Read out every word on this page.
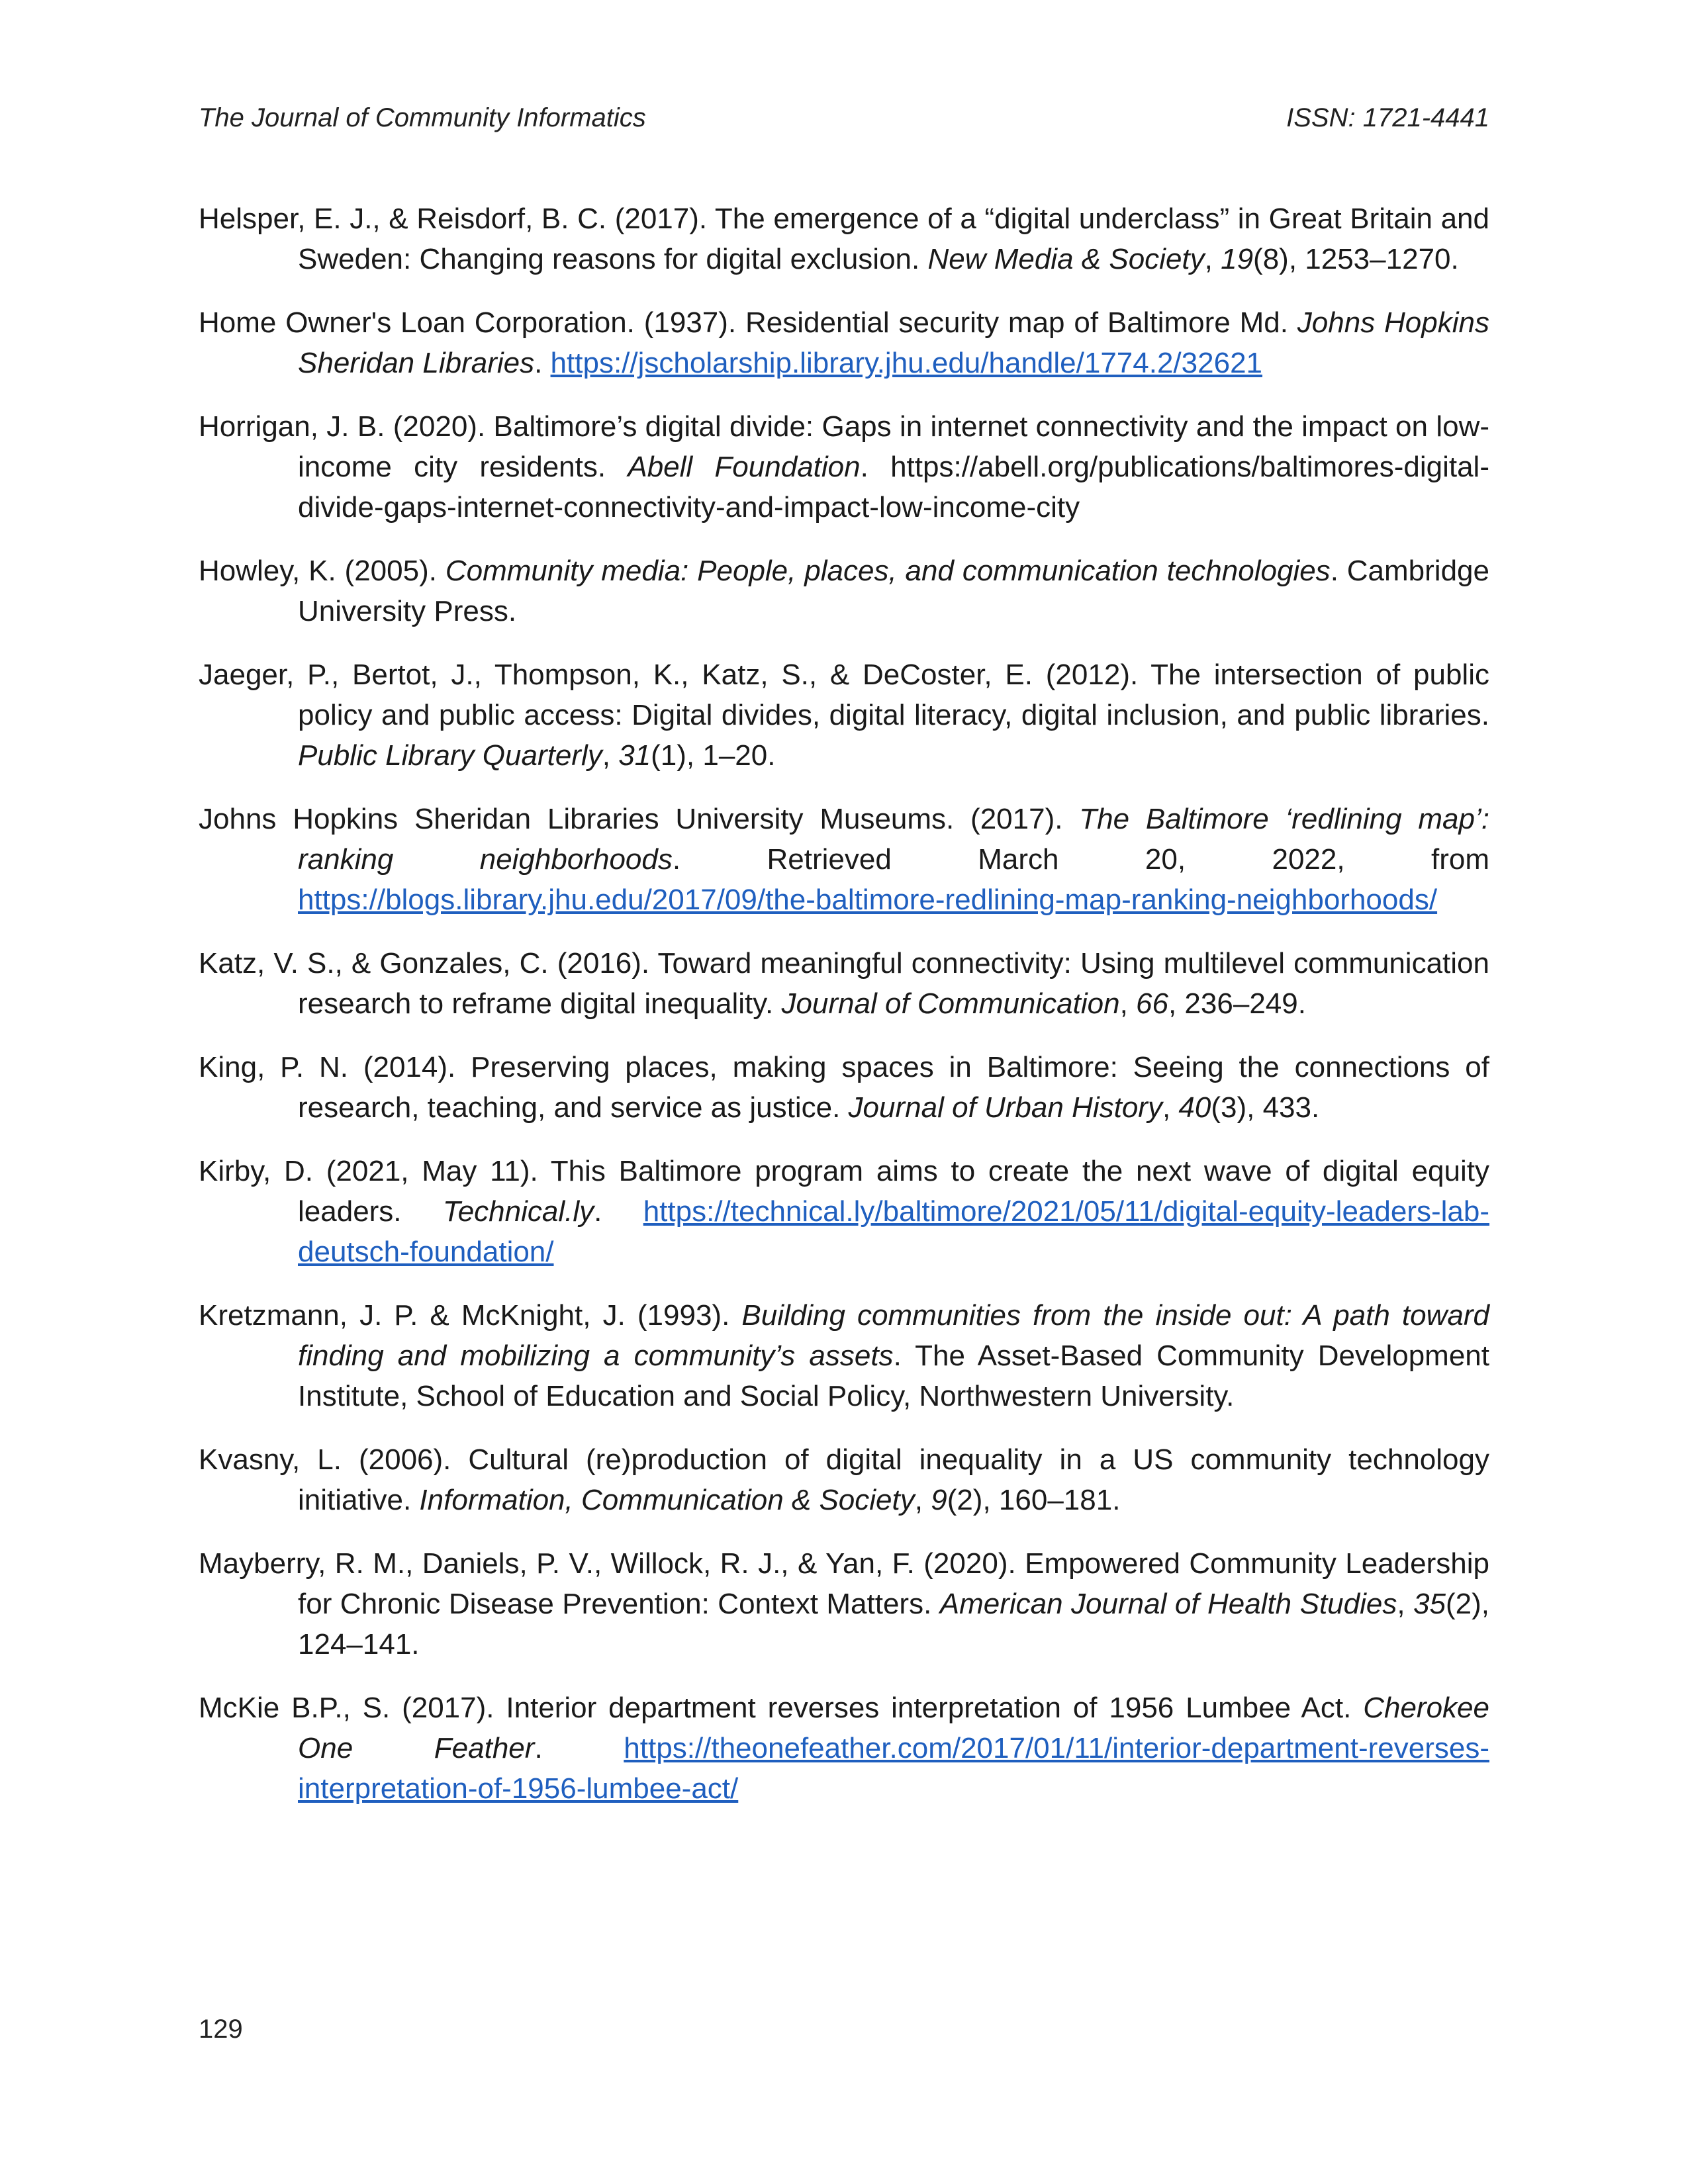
The Journal of Community Informatics	ISSN: 1721-4441

Helsper, E. J., & Reisdorf, B. C. (2017). The emergence of a “digital underclass” in Great Britain and Sweden: Changing reasons for digital exclusion. New Media & Society, 19(8), 1253–1270.

Home Owner's Loan Corporation. (1937). Residential security map of Baltimore Md. Johns Hopkins Sheridan Libraries. https://jscholarship.library.jhu.edu/handle/1774.2/32621

Horrigan, J. B. (2020). Baltimore’s digital divide: Gaps in internet connectivity and the impact on low-income city residents. Abell Foundation. https://abell.org/publications/baltimores-digital-divide-gaps-internet-connectivity-and-impact-low-income-city

Howley, K. (2005). Community media: People, places, and communication technologies. Cambridge University Press.

Jaeger, P., Bertot, J., Thompson, K., Katz, S., & DeCoster, E. (2012). The intersection of public policy and public access: Digital divides, digital literacy, digital inclusion, and public libraries. Public Library Quarterly, 31(1), 1–20.

Johns Hopkins Sheridan Libraries University Museums. (2017). The Baltimore ‘redlining map’: ranking neighborhoods. Retrieved March 20, 2022, from https://blogs.library.jhu.edu/2017/09/the-baltimore-redlining-map-ranking-neighborhoods/

Katz, V. S., & Gonzales, C. (2016). Toward meaningful connectivity: Using multilevel communication research to reframe digital inequality. Journal of Communication, 66, 236–249.

King, P. N. (2014). Preserving places, making spaces in Baltimore: Seeing the connections of research, teaching, and service as justice. Journal of Urban History, 40(3), 433.

Kirby, D. (2021, May 11). This Baltimore program aims to create the next wave of digital equity leaders. Technical.ly. https://technical.ly/baltimore/2021/05/11/digital-equity-leaders-lab-deutsch-foundation/

Kretzmann, J. P. & McKnight, J. (1993). Building communities from the inside out: A path toward finding and mobilizing a community’s assets. The Asset-Based Community Development Institute, School of Education and Social Policy, Northwestern University.

Kvasny, L. (2006). Cultural (re)production of digital inequality in a US community technology initiative. Information, Communication & Society, 9(2), 160–181.

Mayberry, R. M., Daniels, P. V., Willock, R. J., & Yan, F. (2020). Empowered Community Leadership for Chronic Disease Prevention: Context Matters. American Journal of Health Studies, 35(2), 124–141.

McKie B.P., S. (2017). Interior department reverses interpretation of 1956 Lumbee Act. Cherokee One Feather. https://theonefeather.com/2017/01/11/interior-department-reverses-interpretation-of-1956-lumbee-act/

129
